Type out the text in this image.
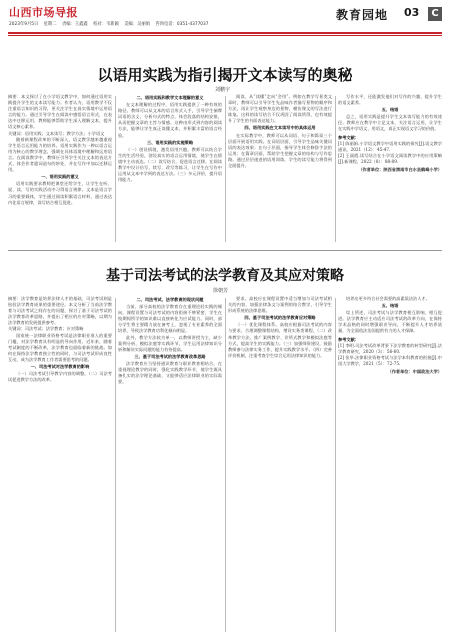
山西市场导报
2023年9月5日 星期二 责编：王鑫鑫 校对：韦新颖 美编：吴丽娟 咨询电话：0351-4377037
教育园地 03	C
以语用实践为指引揭开文本读写的奥秘
刘鹏宇

摘要：本文探讨了在小学语文教学中，如何通过语用实践提升学生的文本读写能力。作者认为，语用教学不仅注重语言知识的习得，更关注学生在真实情境中运用语言的能力。通过引导学生在阅读中感悟语言形式，在表达中迁移运用，教师能够帮助学生深入理解文本，提升语文核心素养。

关键词：语用实践；文本读写；教学方法；小学语文

随着新课程改革的不断深入，语文教学越来越重视学生语言运用能力的培养。语用实践作为一种以语言运用为核心的教学理念，强调在具体语境中理解和运用语言。在阅读教学中，教师应引导学生关注文本的表达方式，体会作者遣词造句的妙处，并在写作中加以迁移运用。

一、语用实践的意义

语用实践要求教师把课堂还给学生，让学生在听、说、读、写的实践活动中习得语言规律。文本是语言学习的重要载体，学生通过阅读积累语言材料，通过表达内化语言规律，读写结合相互促进。

二、语用实践和教学文本理解的意义

在文本理解的过程中，语用实践提供了一种有效的路径。教师可以从文本的语言形式入手，引导学生揣摩词语的含义，分析句式的特点，体会段落的结构安排，从而把握文章的主旨与情感。这种由形式到内容的阅读方法，能够让学生真正读懂文本，并积累丰富的语言经验。

三、语用实践的实施策略

（一）创设情境，激发语用兴趣。教师可以结合学生的生活经验，创设真实的语言运用情境，使学生在情境中主动表达。（二）读写结合，促进语言迁移。在阅读教学中设计仿写、续写、改写等练习，让学生在写作中运用从文本中学到的表达方法。（三）多元评价，提升语用能力。

阅读，从“读懂”走向“会用”。例如在教学写景类文章时，教师可以引导学生先品味作者描写景物的顺序和方法，再让学生观察身边的景物，模仿课文的写法进行练笔。这样的读写结合不仅巩固了阅读所得，也有效提升了学生的书面表达能力。

四、语用实践在文本读写中的具体运用

在实际教学中，教师可以从词语、句子和篇章三个层面开展语用实践。在词语层面，引导学生品味关键词语的表达效果；在句子层面，指导学生体会修辞手法的运用；在篇章层面，帮助学生把握文章的结构与写作思路。通过层层递进的语用训练，学生的读写能力将得到全面提升。

写作水平，还能激发他们对写作的兴趣，提升学生的语文素养。

五、结语

总之，语用实践是提升学生文本读写能力的有效途径。教师应在教学中立足文本，关注语言运用，让学生在实践中学语文、用语文，真正实现语文学习的价值。

参考文献：

[1] 陈丽娟.小学语文教学中语用实践的探究[J].语文教学通讯，2021（12）：45-47.

[2] 王丽霞.读写结合在小学语文阅读教学中的应用策略[J].新课程，2022（8）：88-89.

（作者单位：陕西省渭南市白水县鹤峰小学）

基于司法考试的法学教育及其应对策略
徐朝芳

摘要：法学教育是培养法律人才的基础，司法考试则是检验法学教育成果的重要途径。本文分析了当前法学教育与司法考试之间存在的问题，探讨了基于司法考试的法学教育改革思路，并提出了相应的应对策略，以期为法学教育的发展提供参考。

关键词：司法考试；法学教育；应对策略

国家统一法律职业资格考试是法律职业准入的重要门槛，对法学教育具有明显的导向作用。近年来，随着考试制度的不断改革，法学教育也面临着新的挑战。如何在保持法学教育独立性的同时，与司法考试形成良性互动，成为法学教育工作者需要思考的问题。

一、司法考试对法学教育的影响

（一）司法考试引导教学内容的调整。（二）司法考试促进教学方法的改革。

二、司法考试、法学教育的现状问题

当前，部分高校的法学教育存在重理论轻实践的倾向，课程设置与司法考试的内容衔接不够紧密，学生在校期间所学的知识难以直接转化为应试能力。同时，部分学生将主要精力放在备考上，忽视了专业素养的全面培养，导致法学教育功利化倾向明显。

此外，教学方法较为单一，以教师讲授为主，缺少案例分析、模拟法庭等实践环节，学生运用法律知识分析和解决实际问题的能力有待提高。

三、基于司法考试的法学教育改革思路

法学教育应当坚持通识教育与职业教育相结合，在重视理论教学的同时，强化实践教学环节，使学生既具备扎实的法学理论基础，又能够适应法律职业的实际需要。

要求，高校应在课程设置中适当增加与司法考试相关的内容，加强法律条文与案例的结合教学，引导学生形成系统的法律思维。

四、基于司法考试的法学教育应对策略

（一）优化课程体系。高校应根据司法考试的内容与要求，合理调整课程结构，增设实务类课程。（二）改革教学方法。推广案例教学、诊所式教学和模拟法庭等方式，提高学生的实践能力。（三）加强师资建设。鼓励教师参与法律实务工作，提升实践教学水平。（四）完善评价机制，注重考查学生综合运用法律知识的能力。

培养出更多符合社会需要的高素质法治人才。

五、结语

综上所述，司法考试与法学教育相互影响、相互促进。法学教育应主动适应司法考试的改革方向，在保持学术品格的同时增强职业导向，不断提升人才培养质量，为全面依法治国提供有力的人才保障。

参考文献：

[1] 李明.司法考试改革背景下法学教育的转型研究[J].法学教育研究，2020（3）：56-60.

[2] 张华.法律职业资格考试与法学本科教育的衔接[J].中国大学教学，2021（5）：72-75.

（作者单位：中国政法大学）
